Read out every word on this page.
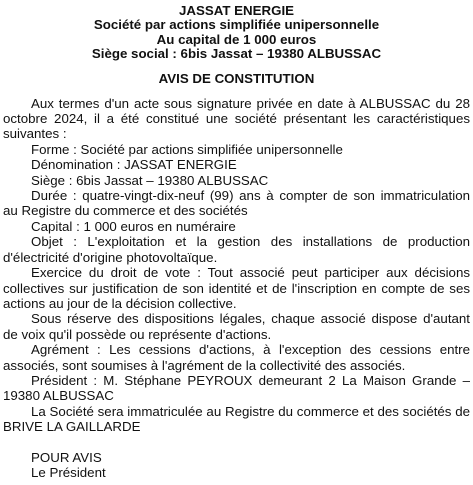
JASSAT ENERGIE
Société par actions simplifiée unipersonnelle
Au capital de 1 000 euros
Siège social : 6bis Jassat – 19380 ALBUSSAC
AVIS DE CONSTITUTION

Aux termes d'un acte sous signature privée en date à ALBUSSAC du 28 octobre 2024, il a été constitué une société présentant les caractéristiques suivantes :

Forme : Société par actions simplifiée unipersonnelle

Dénomination : JASSAT ENERGIE

Siège : 6bis Jassat – 19380 ALBUSSAC

Durée : quatre-vingt-dix-neuf (99) ans à compter de son immatriculation au Registre du commerce et des sociétés

Capital : 1 000 euros en numéraire

Objet : L'exploitation et la gestion des installations de production d'électricité d'origine photovoltaïque.

Exercice du droit de vote : Tout associé peut participer aux décisions collectives sur justification de son identité et de l'inscription en compte de ses actions au jour de la décision collective.

Sous réserve des dispositions légales, chaque associé dispose d'autant de voix qu'il possède ou représente d'actions.

Agrément : Les cessions d'actions, à l'exception des cessions entre associés, sont soumises à l'agrément de la collectivité des associés.

Président : M. Stéphane PEYROUX demeurant 2 La Maison Grande – 19380 ALBUSSAC

La Société sera immatriculée au Registre du commerce et des sociétés de BRIVE LA GAILLARDE

POUR AVIS
Le Président
